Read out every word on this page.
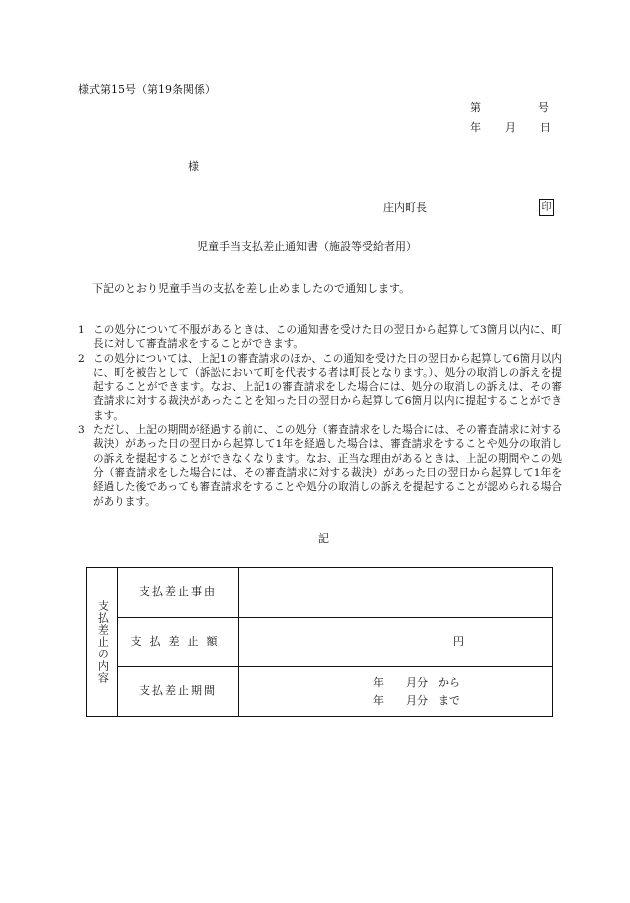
様式第15号（第19条関係）
第	号
年 月 日
様
庄内町長	印
児童手当支払差止通知書（施設等受給者用）
下記のとおり児童手当の支払を差し止めましたので通知します。
1 この処分について不服があるときは、この通知書を受けた日の翌日から起算して3箇月以内に、町長に対して審査請求をすることができます。
2 この処分については、上記1の審査請求のほか、この通知を受けた日の翌日から起算して6箇月以内に、町を被告として（訴訟において町を代表する者は町長となります。）、処分の取消しの訴えを提起することができます。なお、上記1の審査請求をした場合には、処分の取消しの訴えは、その審査請求に対する裁決があったことを知った日の翌日から起算して6箇月以内に提起することができます。
3 ただし、上記の期間が経過する前に、この処分（審査請求をした場合には、その審査請求に対する裁決）があった日の翌日から起算して1年を経過した場合は、審査請求をすることや処分の取消しの訴えを提起することができなくなります。なお、正当な理由があるときは、上記の期間やこの処分（審査請求をした場合には、その審査請求に対する裁決）があった日の翌日から起算して1年を経過した後であっても審査請求をすることや処分の取消しの訴えを提起することが認められる場合があります。
記
支払差止の内容	支払差止事由	
	支払差止額	円
	支払差止期間	年 月分 から
年 月分 まで
